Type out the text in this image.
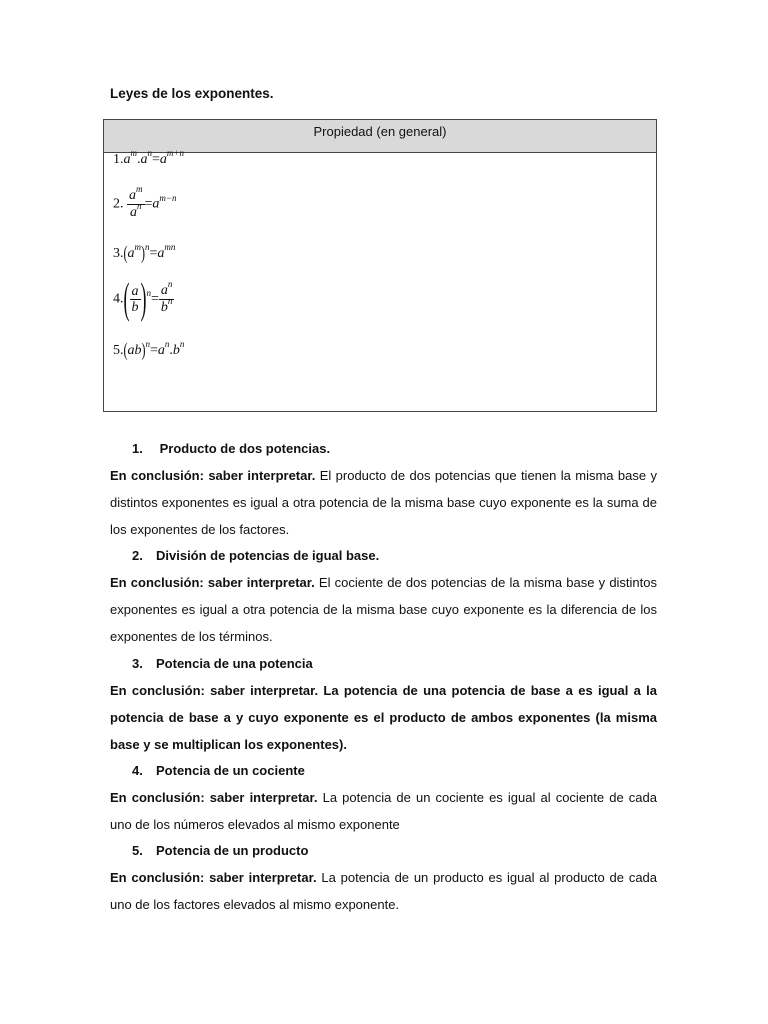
Leyes de los exponentes.
Propiedad (en general)
$1.a^m.a^n=a^{m+n}$
2. $\frac{a^m}{a^n} =a^{m-n}$
$3.(a^m)^n=a^{mn}$
$4.( \frac{a}{b} )^n= \frac{a^n}{b^n}$
$5.(ab)^n=a^n.b^n$
1. Producto de dos potencias.
En conclusión: saber interpretar. El producto de dos potencias que tienen la misma base y distintos exponentes es igual a otra potencia de la misma base cuyo exponente es la suma de los exponentes de los factores.
2. División de potencias de igual base.
En conclusión: saber interpretar. El cociente de dos potencias de la misma base y distintos exponentes es igual a otra potencia de la misma base cuyo exponente es la diferencia de los exponentes de los términos.
3. Potencia de una potencia
En conclusión: saber interpretar. La potencia de una potencia de base a es igual a la potencia de base a y cuyo exponente es el producto de ambos exponentes (la misma base y se multiplican los exponentes).
4. Potencia de un cociente
En conclusión: saber interpretar. La potencia de un cociente es igual al cociente de cada uno de los números elevados al mismo exponente
5. Potencia de un producto
En conclusión: saber interpretar. La potencia de un producto es igual al producto de cada uno de los factores elevados al mismo exponente.
